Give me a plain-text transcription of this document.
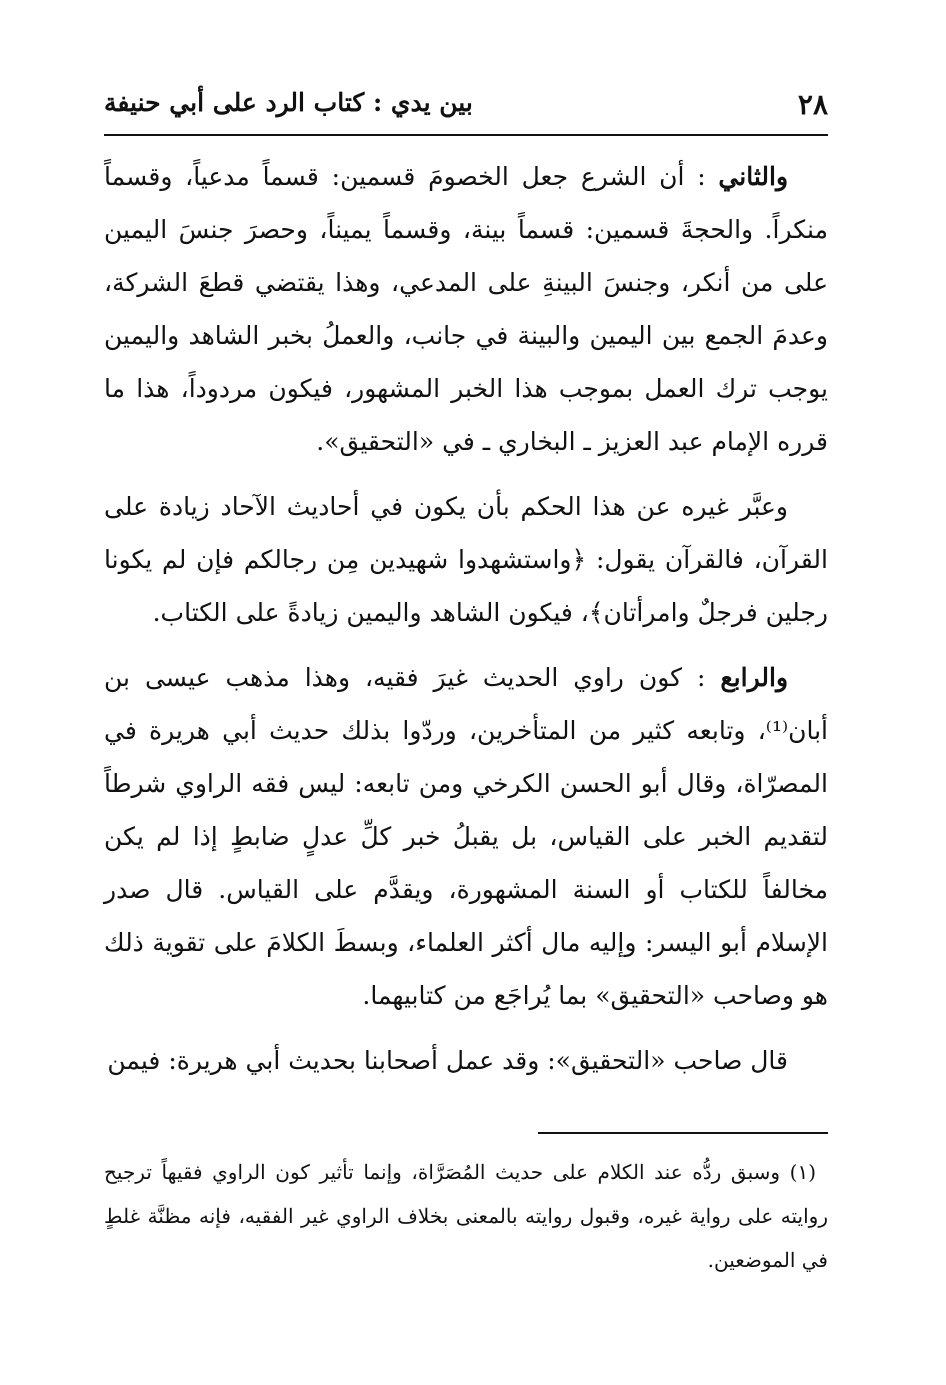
٢٨
بين يدي : كتاب الرد على أبي حنيفة

والثاني : أن الشرع جعل الخصومَ قسمين: قسماً مدعياً، وقسماً منكراً. والحجةَ قسمين: قسماً بينة، وقسماً يميناً، وحصرَ جنسَ اليمين على من أنكر، وجنسَ البينةِ على المدعي، وهذا يقتضي قطعَ الشركة، وعدمَ الجمع بين اليمين والبينة في جانب، والعملُ بخبر الشاهد واليمين يوجب ترك العمل بموجب هذا الخبر المشهور، فيكون مردوداً، هذا ما قرره الإمام عبد العزيز ـ البخاري ـ في «التحقيق».

وعبَّر غيره عن هذا الحكم بأن يكون في أحاديث الآحاد زيادة على القرآن، فالقرآن يقول: ﴿واستشهدوا شهيدين مِن رجالكم فإن لم يكونا رجلين فرجلٌ وامرأتان﴾، فيكون الشاهد واليمين زيادةً على الكتاب.

والرابع : كون راوي الحديث غيرَ فقيه، وهذا مذهب عيسى بن أبان⁽¹⁾، وتابعه كثير من المتأخرين، وردّوا بذلك حديث أبي هريرة في المصرّاة، وقال أبو الحسن الكرخي ومن تابعه: ليس فقه الراوي شرطاً لتقديم الخبر على القياس، بل يقبلُ خبر كلِّ عدلٍ ضابطٍ إذا لم يكن مخالفاً للكتاب أو السنة المشهورة، ويقدَّم على القياس. قال صدر الإسلام أبو اليسر: وإليه مال أكثر العلماء، وبسطَ الكلامَ على تقوية ذلك هو وصاحب «التحقيق» بما يُراجَع من كتابيهما.

قال صاحب «التحقيق»: وقد عمل أصحابنا بحديث أبي هريرة: فيمن

(١) وسبق ردُّه عند الكلام على حديث المُصَرَّاة، وإنما تأثير كون الراوي فقيهاً ترجيح روايته على رواية غيره، وقبول روايته بالمعنى بخلاف الراوي غير الفقيه، فإنه مظنَّة غلطٍ في الموضعين.
